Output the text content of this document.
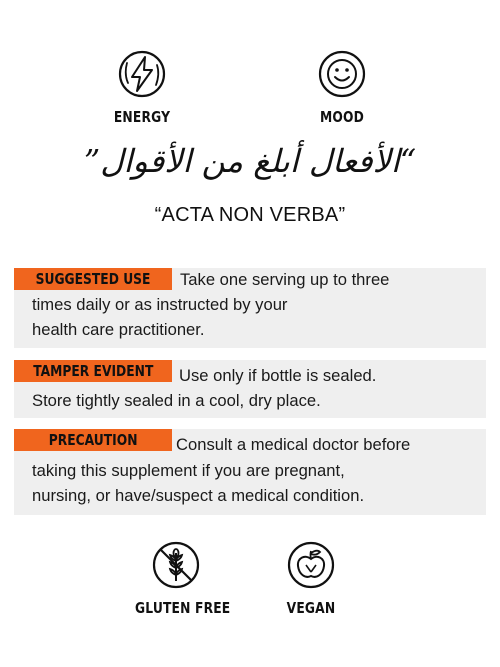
ENERGY	MOOD
“الأفعال أبلغ من الأقوال”
“ACTA NON VERBA”
SUGGESTED USE	Take one serving up to three
times daily or as instructed by your
health care practitioner.
TAMPER EVIDENT	Use only if bottle is sealed.
Store tightly sealed in a cool, dry place.
PRECAUTION	Consult a medical doctor before
taking this supplement if you are pregnant,
nursing, or have/suspect a medical condition.
GLUTEN FREE	VEGAN
